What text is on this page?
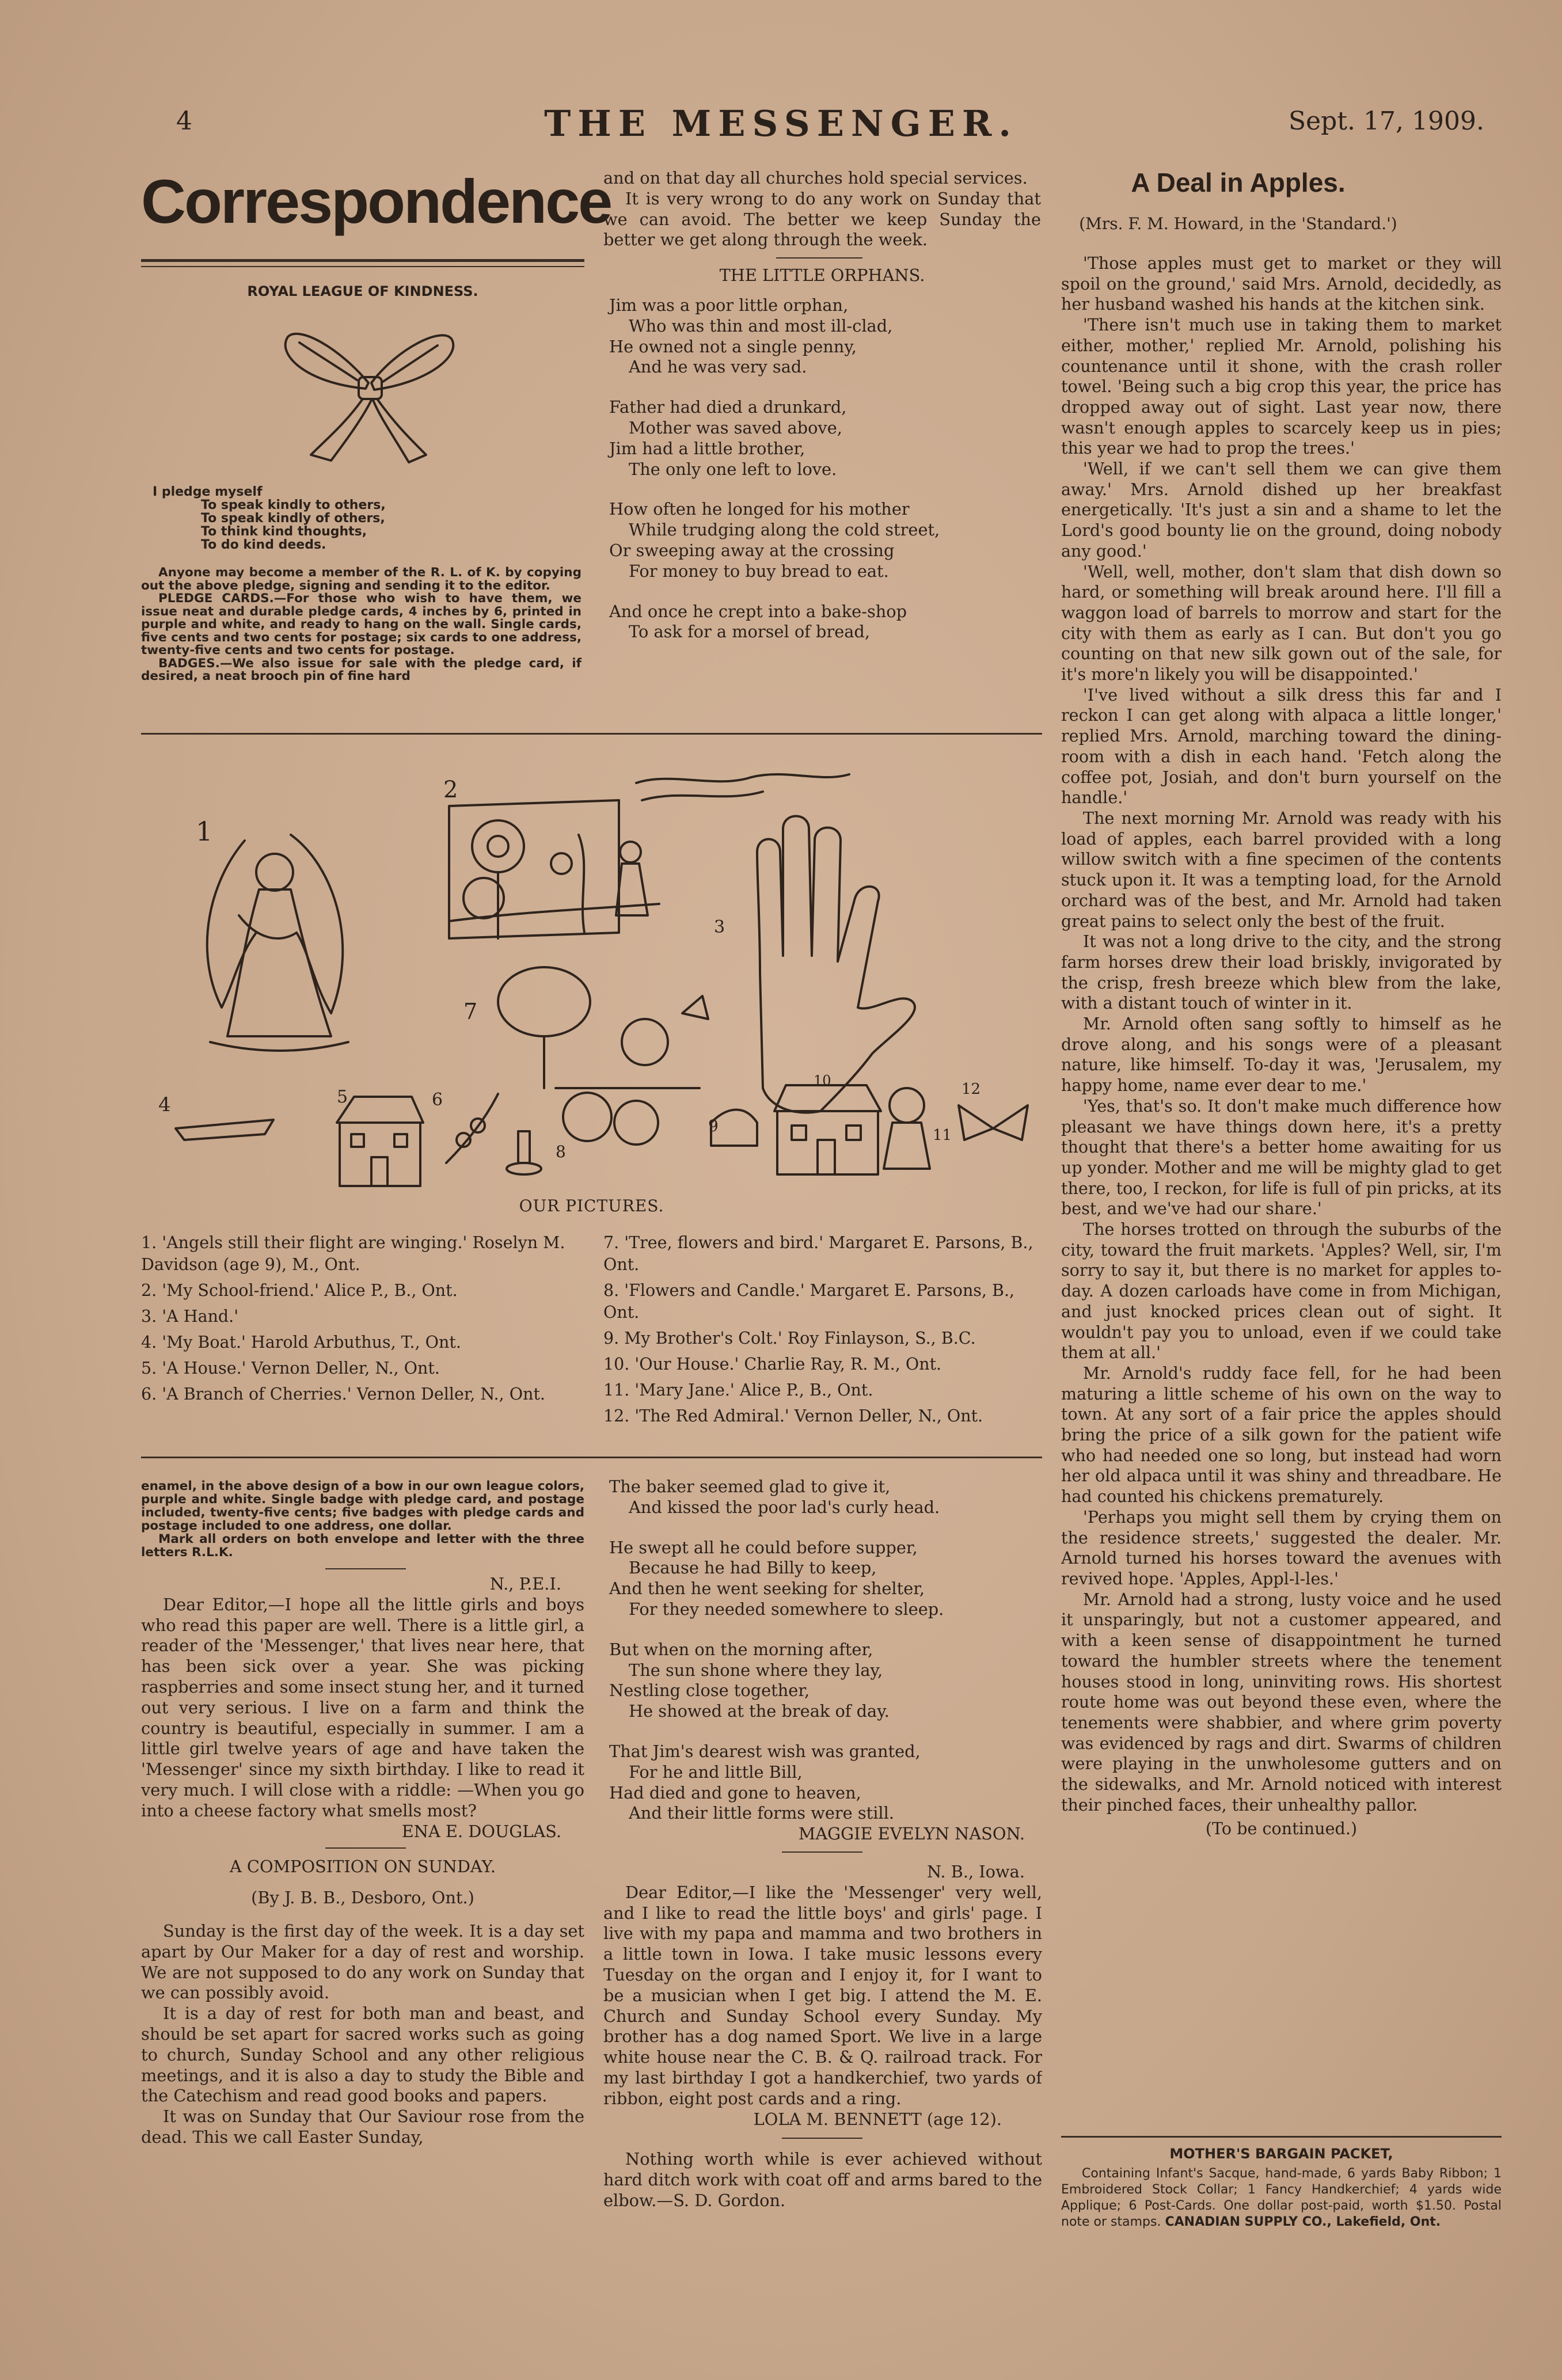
4	THE MESSENGER.	Sept. 17, 1909.
Correspondence
ROYAL LEAGUE OF KINDNESS.
I pledge myself
To speak kindly to others,
To speak kindly of others,
To think kind thoughts,
To do kind deeds.

Anyone may become a member of the R. L. of K. by copying out the above pledge, signing and sending it to the editor.

PLEDGE CARDS.—For those who wish to have them, we issue neat and durable pledge cards, 4 inches by 6, printed in purple and white, and ready to hang on the wall. Single cards, five cents and two cents for postage; six cards to one address, twenty-five cents and two cents for postage.

BADGES.—We also issue for sale with the pledge card, if desired, a neat brooch pin of fine hard

and on that day all churches hold special services.

It is very wrong to do any work on Sunday that we can avoid. The better we keep Sunday the better we get along through the week.

THE LITTLE ORPHANS.

Jim was a poor little orphan,
Who was thin and most ill-clad,
He owned not a single penny,
And he was very sad.
Father had died a drunkard,
Mother was saved above,
Jim had a little brother,
The only one left to love.
How often he longed for his mother
While trudging along the cold street,
Or sweeping away at the crossing
For money to buy bread to eat.
And once he crept into a bake-shop
To ask for a morsel of bread,
1
2
7
4	5	6
8
9
10
11
12
3
OUR PICTURES.

1. 'Angels still their flight are winging.' Roselyn M. Davidson (age 9), M., Ont.

2. 'My School-friend.' Alice P., B., Ont.

3. 'A Hand.'

4. 'My Boat.' Harold Arbuthus, T., Ont.

5. 'A House.' Vernon Deller, N., Ont.

6. 'A Branch of Cherries.' Vernon Deller, N., Ont.

7. 'Tree, flowers and bird.' Margaret E. Parsons, B., Ont.

8. 'Flowers and Candle.' Margaret E. Parsons, B., Ont.

9. My Brother's Colt.' Roy Finlayson, S., B.C.

10. 'Our House.' Charlie Ray, R. M., Ont.

11. 'Mary Jane.' Alice P., B., Ont.

12. 'The Red Admiral.' Vernon Deller, N., Ont.

enamel, in the above design of a bow in our own league colors, purple and white. Single badge with pledge card, and postage included, twenty-five cents; five badges with pledge cards and postage included to one address, one dollar.

Mark all orders on both envelope and letter with the three letters R.L.K.

N., P.E.I.

Dear Editor,—I hope all the little girls and boys who read this paper are well. There is a little girl, a reader of the 'Messenger,' that lives near here, that has been sick over a year. She was picking raspberries and some insect stung her, and it turned out very serious. I live on a farm and think the country is beautiful, especially in summer. I am a little girl twelve years of age and have taken the 'Messenger' since my sixth birthday. I like to read it very much. I will close with a riddle: —When you go into a cheese factory what smells most?

ENA E. DOUGLAS.

A COMPOSITION ON SUNDAY.

(By J. B. B., Desboro, Ont.)

Sunday is the first day of the week. It is a day set apart by Our Maker for a day of rest and worship. We are not supposed to do any work on Sunday that we can possibly avoid.

It is a day of rest for both man and beast, and should be set apart for sacred works such as going to church, Sunday School and any other religious meetings, and it is also a day to study the Bible and the Catechism and read good books and papers.

It was on Sunday that Our Saviour rose from the dead. This we call Easter Sunday,

The baker seemed glad to give it,
And kissed the poor lad's curly head.
He swept all he could before supper,
Because he had Billy to keep,
And then he went seeking for shelter,
For they needed somewhere to sleep.
But when on the morning after,
The sun shone where they lay,
Nestling close together,
He showed at the break of day.
That Jim's dearest wish was granted,
For he and little Bill,
Had died and gone to heaven,
And their little forms were still.

MAGGIE EVELYN NASON.

N. B., Iowa.

Dear Editor,—I like the 'Messenger' very well, and I like to read the little boys' and girls' page. I live with my papa and mamma and two brothers in a little town in Iowa. I take music lessons every Tuesday on the organ and I enjoy it, for I want to be a musician when I get big. I attend the M. E. Church and Sunday School every Sunday. My brother has a dog named Sport. We live in a large white house near the C. B. & Q. railroad track. For my last birthday I got a handkerchief, two yards of ribbon, eight post cards and a ring.

LOLA M. BENNETT (age 12).

Nothing worth while is ever achieved without hard ditch work with coat off and arms bared to the elbow.—S. D. Gordon.

A Deal in Apples.
(Mrs. F. M. Howard, in the 'Standard.')

'Those apples must get to market or they will spoil on the ground,' said Mrs. Arnold, decidedly, as her husband washed his hands at the kitchen sink.

'There isn't much use in taking them to market either, mother,' replied Mr. Arnold, polishing his countenance until it shone, with the crash roller towel. 'Being such a big crop this year, the price has dropped away out of sight. Last year now, there wasn't enough apples to scarcely keep us in pies; this year we had to prop the trees.'

'Well, if we can't sell them we can give them away.' Mrs. Arnold dished up her breakfast energetically. 'It's just a sin and a shame to let the Lord's good bounty lie on the ground, doing nobody any good.'

'Well, well, mother, don't slam that dish down so hard, or something will break around here. I'll fill a waggon load of barrels to morrow and start for the city with them as early as I can. But don't you go counting on that new silk gown out of the sale, for it's more'n likely you will be disappointed.'

'I've lived without a silk dress this far and I reckon I can get along with alpaca a little longer,' replied Mrs. Arnold, marching toward the dining-room with a dish in each hand. 'Fetch along the coffee pot, Josiah, and don't burn yourself on the handle.'

The next morning Mr. Arnold was ready with his load of apples, each barrel provided with a long willow switch with a fine specimen of the contents stuck upon it. It was a tempting load, for the Arnold orchard was of the best, and Mr. Arnold had taken great pains to select only the best of the fruit.

It was not a long drive to the city, and the strong farm horses drew their load briskly, invigorated by the crisp, fresh breeze which blew from the lake, with a distant touch of winter in it.

Mr. Arnold often sang softly to himself as he drove along, and his songs were of a pleasant nature, like himself. To-day it was, 'Jerusalem, my happy home, name ever dear to me.'

'Yes, that's so. It don't make much difference how pleasant we have things down here, it's a pretty thought that there's a better home awaiting for us up yonder. Mother and me will be mighty glad to get there, too, I reckon, for life is full of pin pricks, at its best, and we've had our share.'

The horses trotted on through the suburbs of the city, toward the fruit markets. 'Apples? Well, sir, I'm sorry to say it, but there is no market for apples to-day. A dozen carloads have come in from Michigan, and just knocked prices clean out of sight. It wouldn't pay you to unload, even if we could take them at all.'

Mr. Arnold's ruddy face fell, for he had been maturing a little scheme of his own on the way to town. At any sort of a fair price the apples should bring the price of a silk gown for the patient wife who had needed one so long, but instead had worn her old alpaca until it was shiny and threadbare. He had counted his chickens prematurely.

'Perhaps you might sell them by crying them on the residence streets,' suggested the dealer. Mr. Arnold turned his horses toward the avenues with revived hope. 'Apples, Appl-l-les.'

Mr. Arnold had a strong, lusty voice and he used it unsparingly, but not a customer appeared, and with a keen sense of disappointment he turned toward the humbler streets where the tenement houses stood in long, uninviting rows. His shortest route home was out beyond these even, where the tenements were shabbier, and where grim poverty was evidenced by rags and dirt. Swarms of children were playing in the unwholesome gutters and on the sidewalks, and Mr. Arnold noticed with interest their pinched faces, their unhealthy pallor.

(To be continued.)

MOTHER'S BARGAIN PACKET,
Containing Infant's Sacque, hand-made, 6 yards Baby Ribbon; 1 Embroidered Stock Collar; 1 Fancy Handkerchief; 4 yards wide Applique; 6 Post-Cards. One dollar post-paid, worth $1.50. Postal note or stamps. CANADIAN SUPPLY CO., Lakefield, Ont.
